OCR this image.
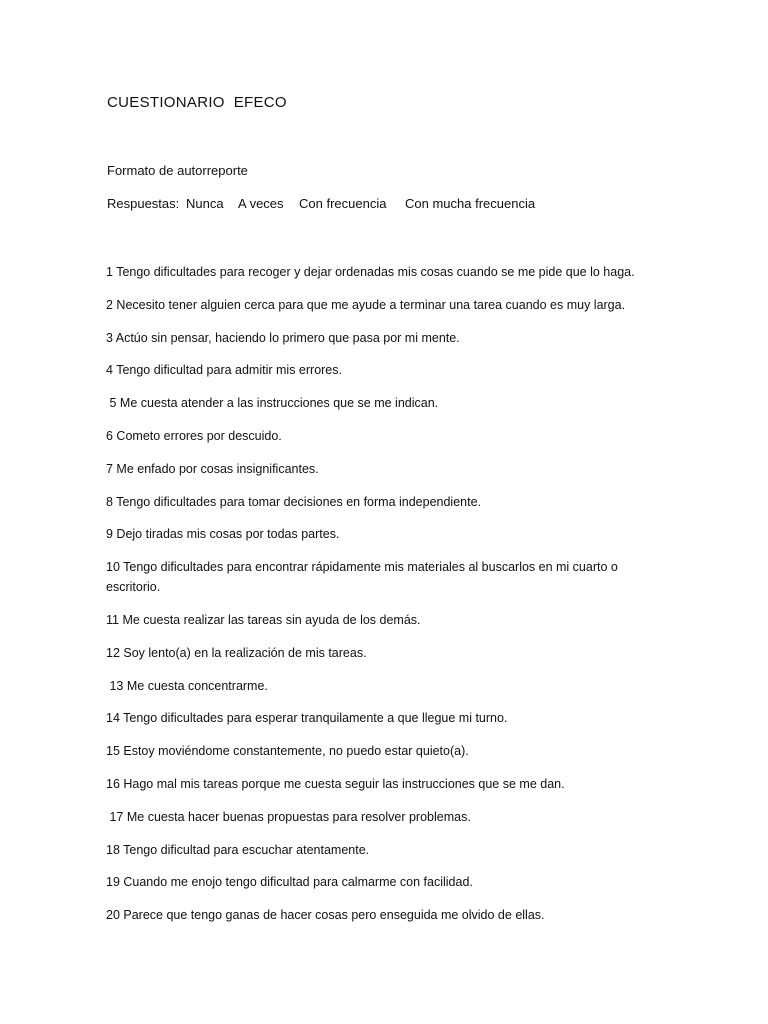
CUESTIONARIO  EFECO
Formato de autorreporte
Respuestas: Nunca	A veces	Con frecuencia	Con mucha frecuencia
1 Tengo dificultades para recoger y dejar ordenadas mis cosas cuando se me pide que lo haga.
2 Necesito tener alguien cerca para que me ayude a terminar una tarea cuando es muy larga.
3 Actúo sin pensar, haciendo lo primero que pasa por mi mente.
4 Tengo dificultad para admitir mis errores.
5 Me cuesta atender a las instrucciones que se me indican.
6 Cometo errores por descuido.
7 Me enfado por cosas insignificantes.
8 Tengo dificultades para tomar decisiones en forma independiente.
9 Dejo tiradas mis cosas por todas partes.
10 Tengo dificultades para encontrar rápidamente mis materiales al buscarlos en mi cuarto o escritorio.
11 Me cuesta realizar las tareas sin ayuda de los demás.
12 Soy lento(a) en la realización de mis tareas.
13 Me cuesta concentrarme.
14 Tengo dificultades para esperar tranquilamente a que llegue mi turno.
15 Estoy moviéndome constantemente, no puedo estar quieto(a).
16 Hago mal mis tareas porque me cuesta seguir las instrucciones que se me dan.
17 Me cuesta hacer buenas propuestas para resolver problemas.
18 Tengo dificultad para escuchar atentamente.
19 Cuando me enojo tengo dificultad para calmarme con facilidad.
20 Parece que tengo ganas de hacer cosas pero enseguida me olvido de ellas.
